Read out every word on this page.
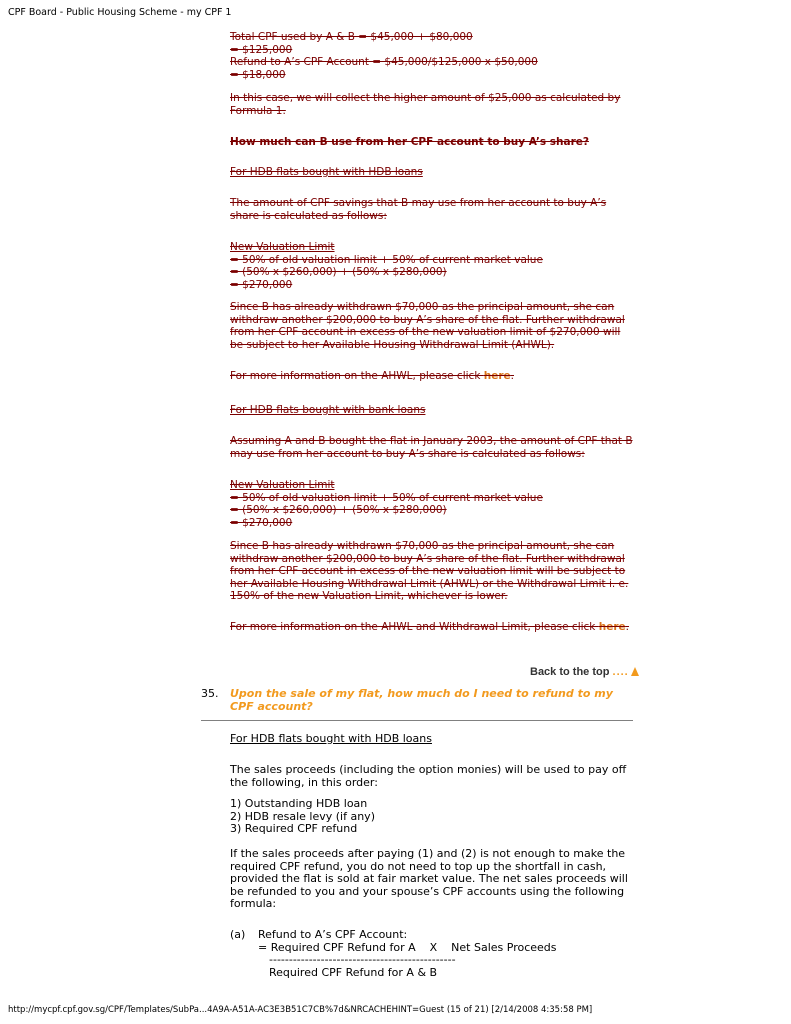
CPF Board - Public Housing Scheme - my CPF 1

Total CPF used by A & B = $45,000 + $80,000

= $125,000

Refund to A’s CPF Account = $45,000/$125,000 x $50,000

= $18,000

In this case, we will collect the higher amount of $25,000 as calculated by Formula 1.
How much can B use from her CPF account to buy A’s share?
For HDB flats bought with HDB loans
The amount of CPF savings that B may use from her account to buy A’s share is calculated as follows:

New Valuation Limit

= 50% of old valuation limit + 50% of current market value

= (50% x $260,000) + (50% x $280,000)

= $270,000

Since B has already withdrawn $70,000 as the principal amount, she can withdraw another $200,000 to buy A’s share of the flat. Further withdrawal from her CPF account in excess of the new valuation limit of $270,000 will be subject to her Available Housing Withdrawal Limit (AHWL).
For more information on the AHWL, please click here.
For HDB flats bought with bank loans
Assuming A and B bought the flat in January 2003, the amount of CPF that B may use from her account to buy A’s share is calculated as follows:

New Valuation Limit

= 50% of old valuation limit + 50% of current market value

= (50% x $260,000) + (50% x $280,000)

= $270,000

Since B has already withdrawn $70,000 as the principal amount, she can withdraw another $200,000 to buy A’s share of the flat. Further withdrawal from her CPF account in excess of the new valuation limit will be subject to her Available Housing Withdrawal Limit (AHWL) or the Withdrawal Limit i. e. 150% of the new Valuation Limit, whichever is lower.
For more information on the AHWL and Withdrawal Limit, please click here.
Back to the top ....
35. Upon the sale of my flat, how much do I need to refund to my CPF account?
For HDB flats bought with HDB loans
The sales proceeds (including the option monies) will be used to pay off the following, in this order:
1) Outstanding HDB loan
2) HDB resale levy (if any)
3) Required CPF refund
If the sales proceeds after paying (1) and (2) is not enough to make the required CPF refund, you do not need to top up the shortfall in cash, provided the flat is sold at fair market value. The net sales proceeds will be refunded to you and your spouse’s CPF accounts using the following formula:
(a) Refund to A’s CPF Account:
= Required CPF Refund for A    X    Net Sales Proceeds
-----------------------------------------------
Required CPF Refund for A & B
http://mycpf.cpf.gov.sg/CPF/Templates/SubPa...4A9A-A51A-AC3E3B51C7CB%7d&NRCACHEHINT=Guest (15 of 21) [2/14/2008 4:35:58 PM]
